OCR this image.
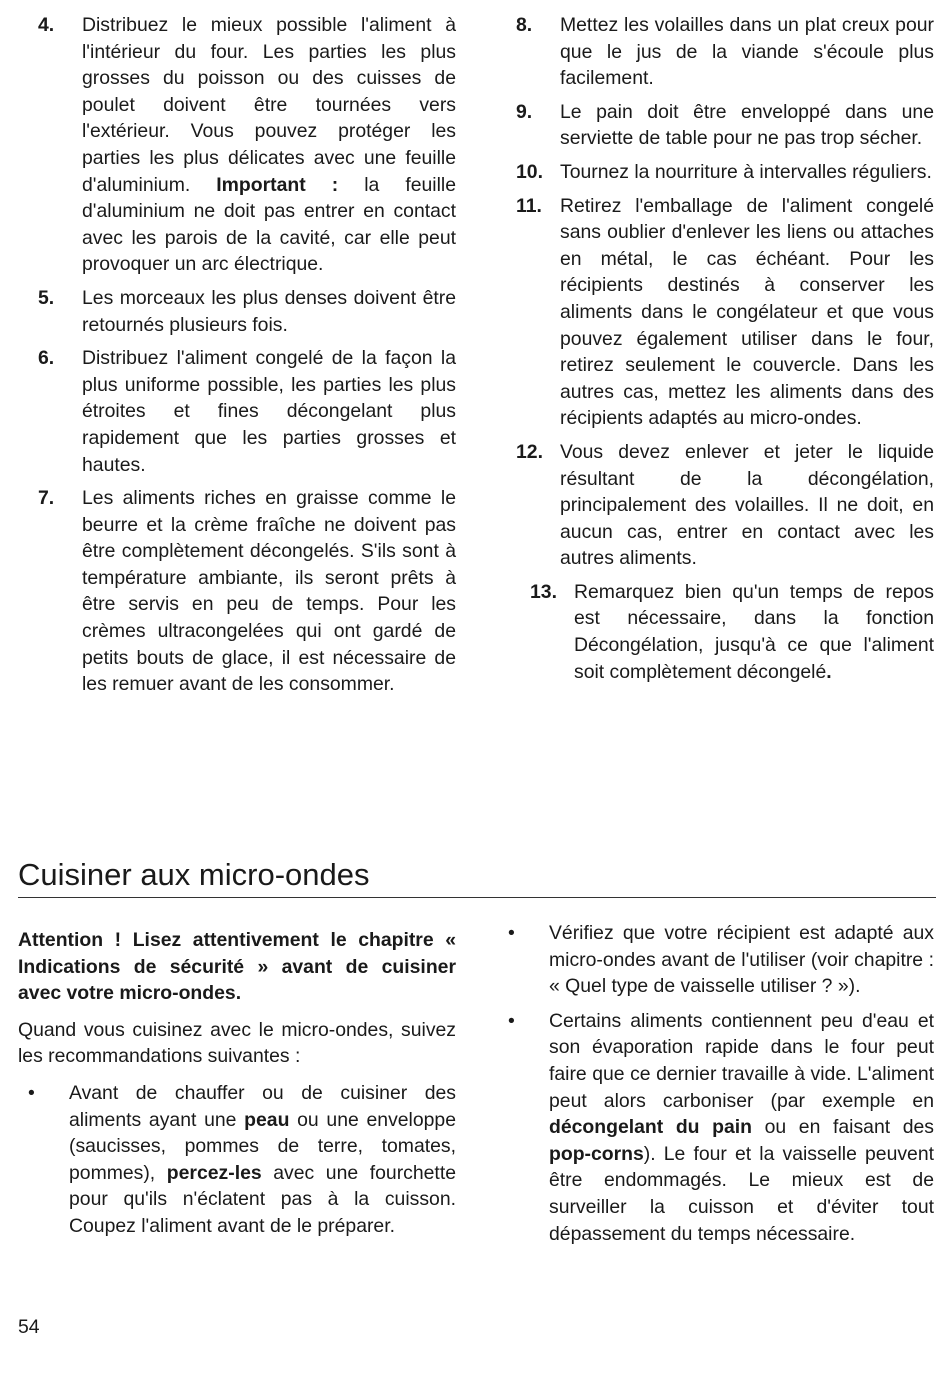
4. Distribuez le mieux possible l'aliment à l'intérieur du four. Les parties les plus grosses du poisson ou des cuisses de poulet doivent être tournées vers l'extérieur. Vous pouvez protéger les parties les plus délicates avec une feuille d'aluminium. Important : la feuille d'aluminium ne doit pas entrer en contact avec les parois de la cavité, car elle peut provoquer un arc électrique.
5. Les morceaux les plus denses doivent être retournés plusieurs fois.
6. Distribuez l'aliment congelé de la façon la plus uniforme possible, les parties les plus étroites et fines décongelant plus rapidement que les parties grosses et hautes.
7. Les aliments riches en graisse comme le beurre et la crème fraîche ne doivent pas être complètement décongelés. S'ils sont à température ambiante, ils seront prêts à être servis en peu de temps. Pour les crèmes ultracongelées qui ont gardé de petits bouts de glace, il est nécessaire de les remuer avant de les consommer.
8. Mettez les volailles dans un plat creux pour que le jus de la viande s'écoule plus facilement.
9. Le pain doit être enveloppé dans une serviette de table pour ne pas trop sécher.
10. Tournez la nourriture à intervalles réguliers.
11. Retirez l'emballage de l'aliment congelé sans oublier d'enlever les liens ou attaches en métal, le cas échéant. Pour les récipients destinés à conserver les aliments dans le congélateur et que vous pouvez également utiliser dans le four, retirez seulement le couvercle. Dans les autres cas, mettez les aliments dans des récipients adaptés au micro-ondes.
12. Vous devez enlever et jeter le liquide résultant de la décongélation, principalement des volailles. Il ne doit, en aucun cas, entrer en contact avec les autres aliments.
13. Remarquez bien qu'un temps de repos est nécessaire, dans la fonction Décongélation, jusqu'à ce que l'aliment soit complètement décongelé.
Cuisiner aux micro-ondes

Attention ! Lisez attentivement le chapitre « Indications de sécurité » avant de cuisiner avec votre micro-ondes.

Quand vous cuisinez avec le micro-ondes, suivez les recommandations suivantes :

• Avant de chauffer ou de cuisiner des aliments ayant une peau ou une enveloppe (saucisses, pommes de terre, tomates, pommes), percez-les avec une fourchette pour qu'ils n'éclatent pas à la cuisson. Coupez l'aliment avant de le préparer.
• Vérifiez que votre récipient est adapté aux micro-ondes avant de l'utiliser (voir chapitre : « Quel type de vaisselle utiliser ? »).
• Certains aliments contiennent peu d'eau et son évaporation rapide dans le four peut faire que ce dernier travaille à vide. L'aliment peut alors carboniser (par exemple en décongelant du pain ou en faisant des pop-corns). Le four et la vaisselle peuvent être endommagés. Le mieux est de surveiller la cuisson et d'éviter tout dépassement du temps nécessaire.
54
